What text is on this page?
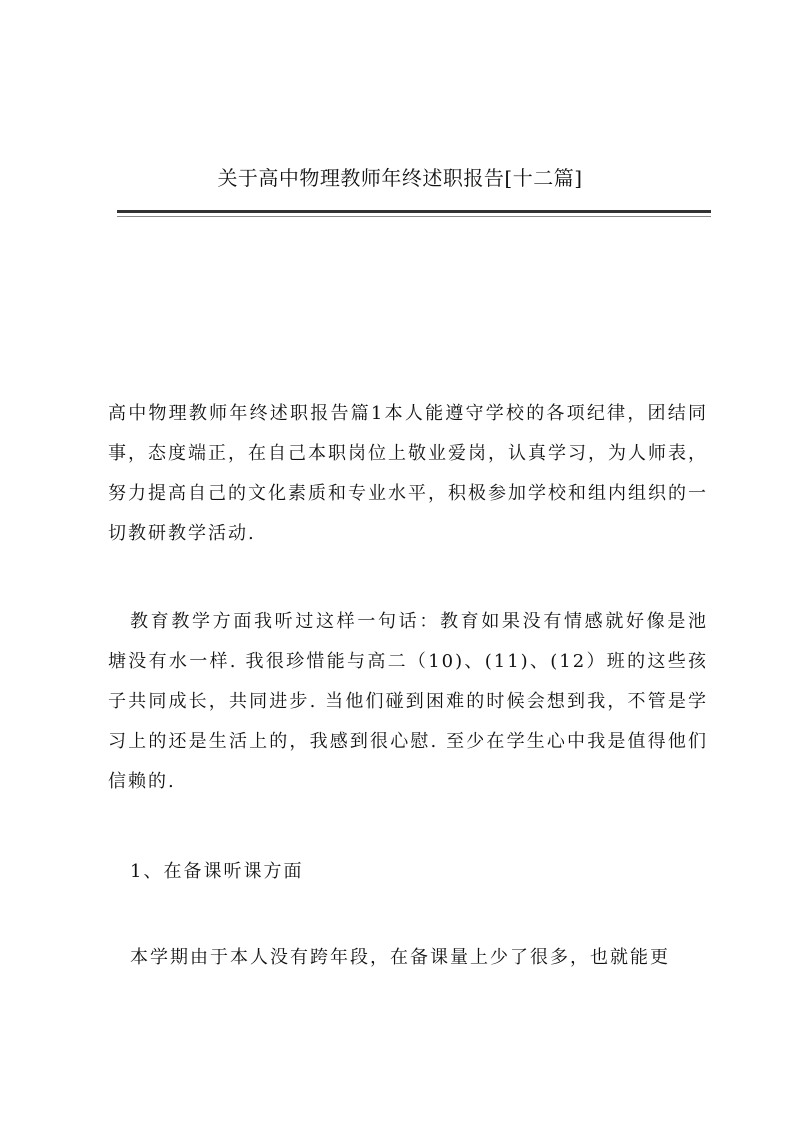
关于高中物理教师年终述职报告[十二篇]

高中物理教师年终述职报告篇1本人能遵守学校的各项纪律，团结同事，态度端正，在自己本职岗位上敬业爱岗，认真学习，为人师表，努力提高自己的文化素质和专业水平，积极参加学校和组内组织的一切教研教学活动.

教育教学方面我听过这样一句话：教育如果没有情感就好像是池塘没有水一样. 我很珍惜能与高二（10)、(11)、(12）班的这些孩子共同成长，共同进步. 当他们碰到困难的时候会想到我，不管是学习上的还是生活上的，我感到很心慰. 至少在学生心中我是值得他们信赖的.

1、在备课听课方面

本学期由于本人没有跨年段，在备课量上少了很多，也就能更
